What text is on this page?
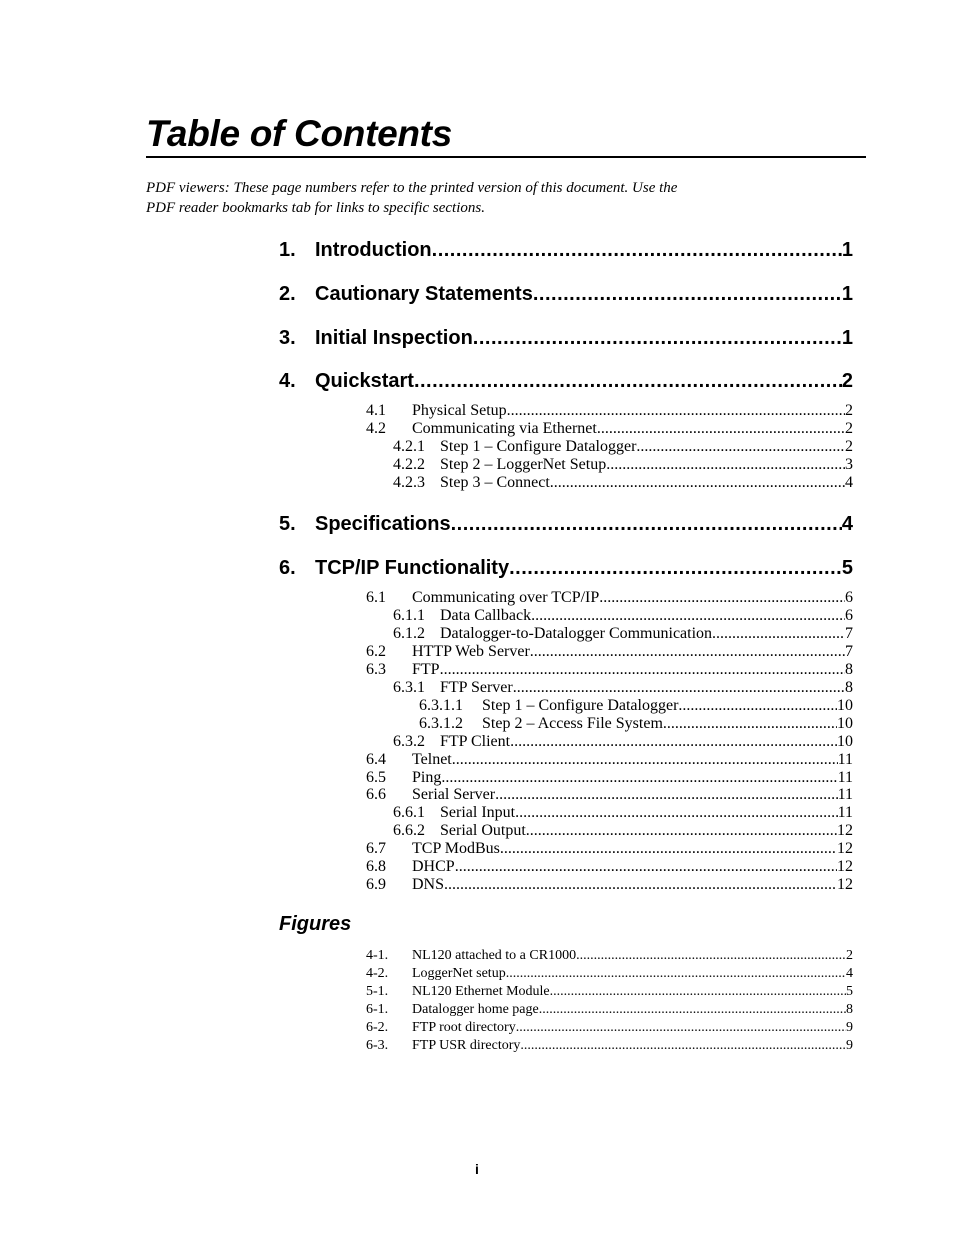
Table of Contents

PDF viewers: These page numbers refer to the printed version of this document. Use the

PDF reader bookmarks tab for links to specific sections.

1. Introduction .....	1
2. Cautionary Statements .....	1
3. Initial Inspection .....	1
4. Quickstart .....	2
4.1	Physical Setup .....	2
4.2	Communicating via Ethernet .....	2
4.2.1 Step 1 – Configure Datalogger .....	2
4.2.2 Step 2 – LoggerNet Setup .....	3
4.2.3 Step 3 – Connect .....	4
5. Specifications .....	4
6. TCP/IP Functionality .....	5
6.1	Communicating over TCP/IP .....	6
6.1.1 Data Callback .....	6
6.1.2 Datalogger-to-Datalogger Communication .....	7
6.2	HTTP Web Server .....	7
6.3	FTP .....	8
6.3.1 FTP Server .....	8
6.3.1.1	Step 1 – Configure Datalogger .....	10
6.3.1.2	Step 2 – Access File System .....	10
6.3.2 FTP Client .....	10
6.4	Telnet .....	11
6.5	Ping .....	11
6.6	Serial Server .....	11
6.6.1 Serial Input .....	11
6.6.2 Serial Output .....	12
6.7	TCP ModBus .....	12
6.8	DHCP .....	12
6.9	DNS .....	12
Figures
4-1.	NL120 attached to a CR1000 .....	2
4-2.	LoggerNet setup .....	4
5-1.	NL120 Ethernet Module .....	5
6-1.	Datalogger home page .....	8
6-2.	FTP root directory .....	9
6-3.	FTP USR directory .....	9
i
